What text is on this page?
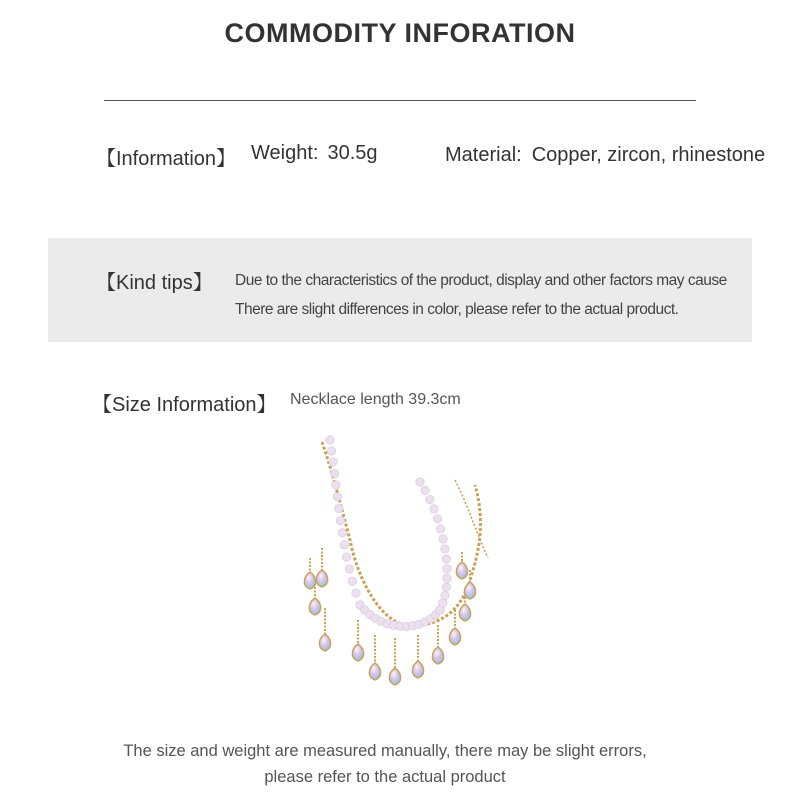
COMMODITY INFORATION
【Information】 Weight: 30.5g	Material: Copper, zircon, rhinestone
【Kind tips】 Due to the characteristics of the product, display and other factors may cause
There are slight differences in color, please refer to the actual product.
【Size Information】 Necklace length 39.3cm
The size and weight are measured manually, there may be slight errors,
please refer to the actual product
